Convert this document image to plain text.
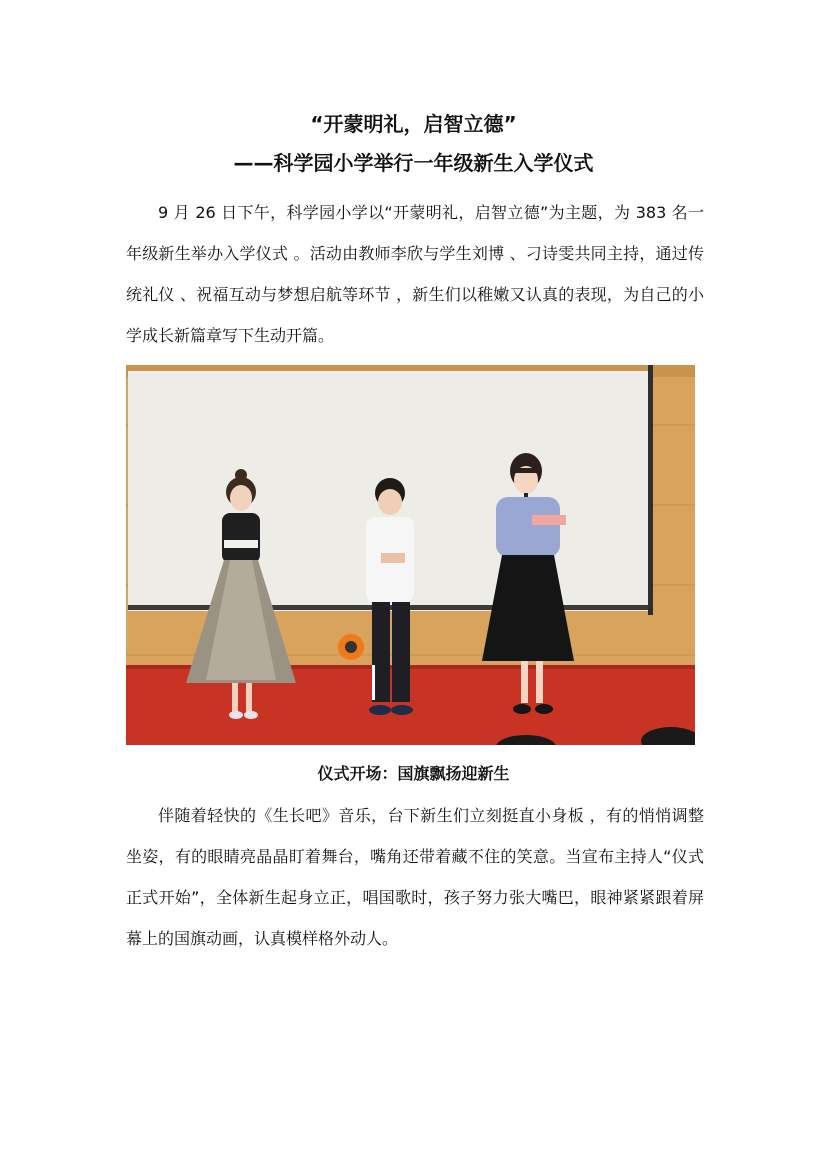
“开蒙明礼，启智立德”
——科学园小学举行一年级新生入学仪式
9 月 26 日下午，科学园小学以“开蒙明礼，启智立德”为主题，为 383 名一年级新生举办入学仪式 。活动由教师李欣与学生刘博 、刁诗雯共同主持，通过传统礼仪 、祝福互动与梦想启航等环节 ，新生们以稚嫩又认真的表现，为自己的小学成长新篇章写下生动开篇。
仪式开场：国旗飘扬迎新生
伴随着轻快的《生长吧》音乐，台下新生们立刻挺直小身板 ，有的悄悄调整坐姿，有的眼睛亮晶晶盯着舞台，嘴角还带着藏不住的笑意。当宣布主持人“仪式正式开始”，全体新生起身立正，唱国歌时，孩子努力张大嘴巴，眼神紧紧跟着屏幕上的国旗动画，认真模样格外动人。
